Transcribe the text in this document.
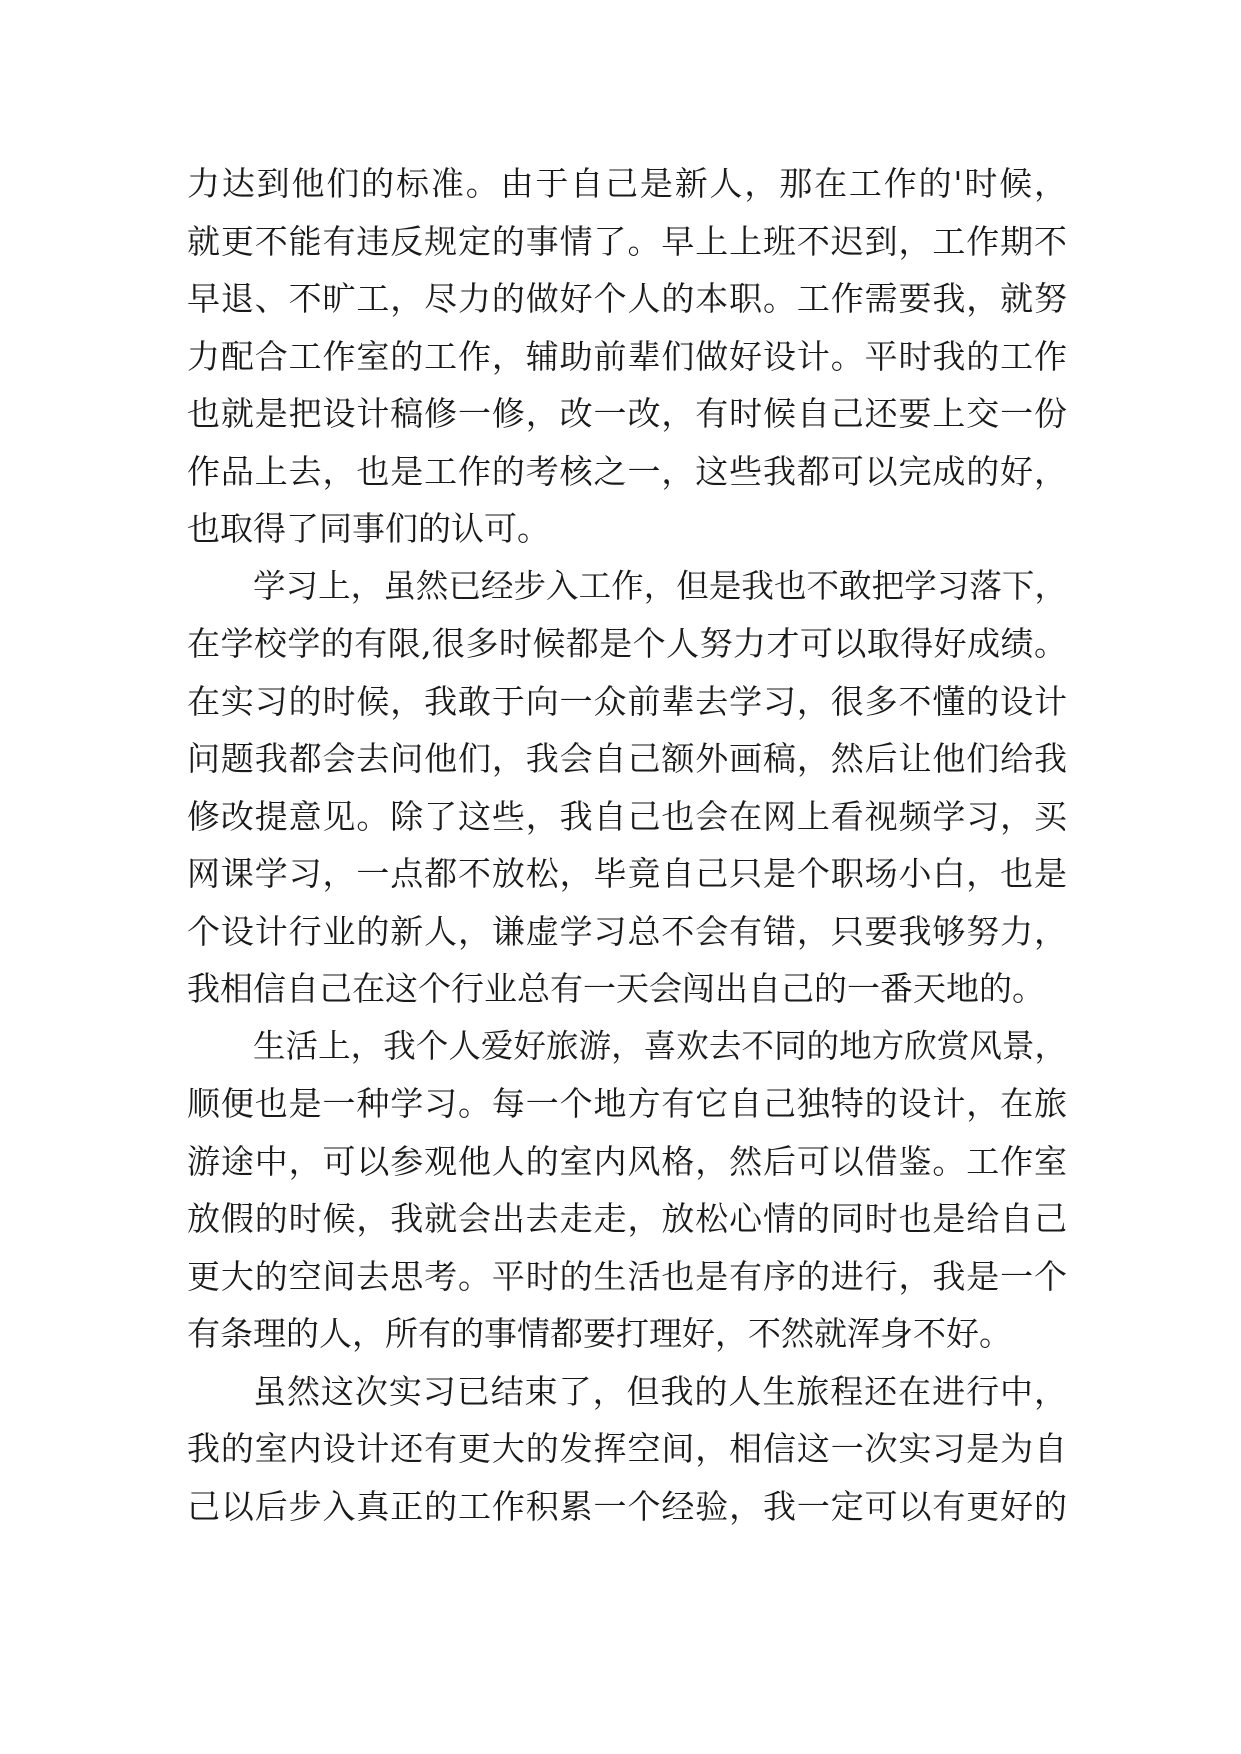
力达到他们的标准。由于自己是新人，那在工作的'时候，
就更不能有违反规定的事情了。早上上班不迟到，工作期不
早退、不旷工，尽力的做好个人的本职。工作需要我，就努
力配合工作室的工作，辅助前辈们做好设计。平时我的工作
也就是把设计稿修一修，改一改，有时候自己还要上交一份
作品上去，也是工作的考核之一，这些我都可以完成的好，
也取得了同事们的认可。
学习上，虽然已经步入工作，但是我也不敢把学习落下，
在学校学的有限,很多时候都是个人努力才可以取得好成绩。
在实习的时候，我敢于向一众前辈去学习，很多不懂的设计
问题我都会去问他们，我会自己额外画稿，然后让他们给我
修改提意见。除了这些，我自己也会在网上看视频学习，买
网课学习，一点都不放松，毕竟自己只是个职场小白，也是
个设计行业的新人，谦虚学习总不会有错，只要我够努力，
我相信自己在这个行业总有一天会闯出自己的一番天地的。
生活上，我个人爱好旅游，喜欢去不同的地方欣赏风景，
顺便也是一种学习。每一个地方有它自己独特的设计，在旅
游途中，可以参观他人的室内风格，然后可以借鉴。工作室
放假的时候，我就会出去走走，放松心情的同时也是给自己
更大的空间去思考。平时的生活也是有序的进行，我是一个
有条理的人，所有的事情都要打理好，不然就浑身不好。
虽然这次实习已结束了，但我的人生旅程还在进行中，
我的室内设计还有更大的发挥空间，相信这一次实习是为自
己以后步入真正的工作积累一个经验，我一定可以有更好的
